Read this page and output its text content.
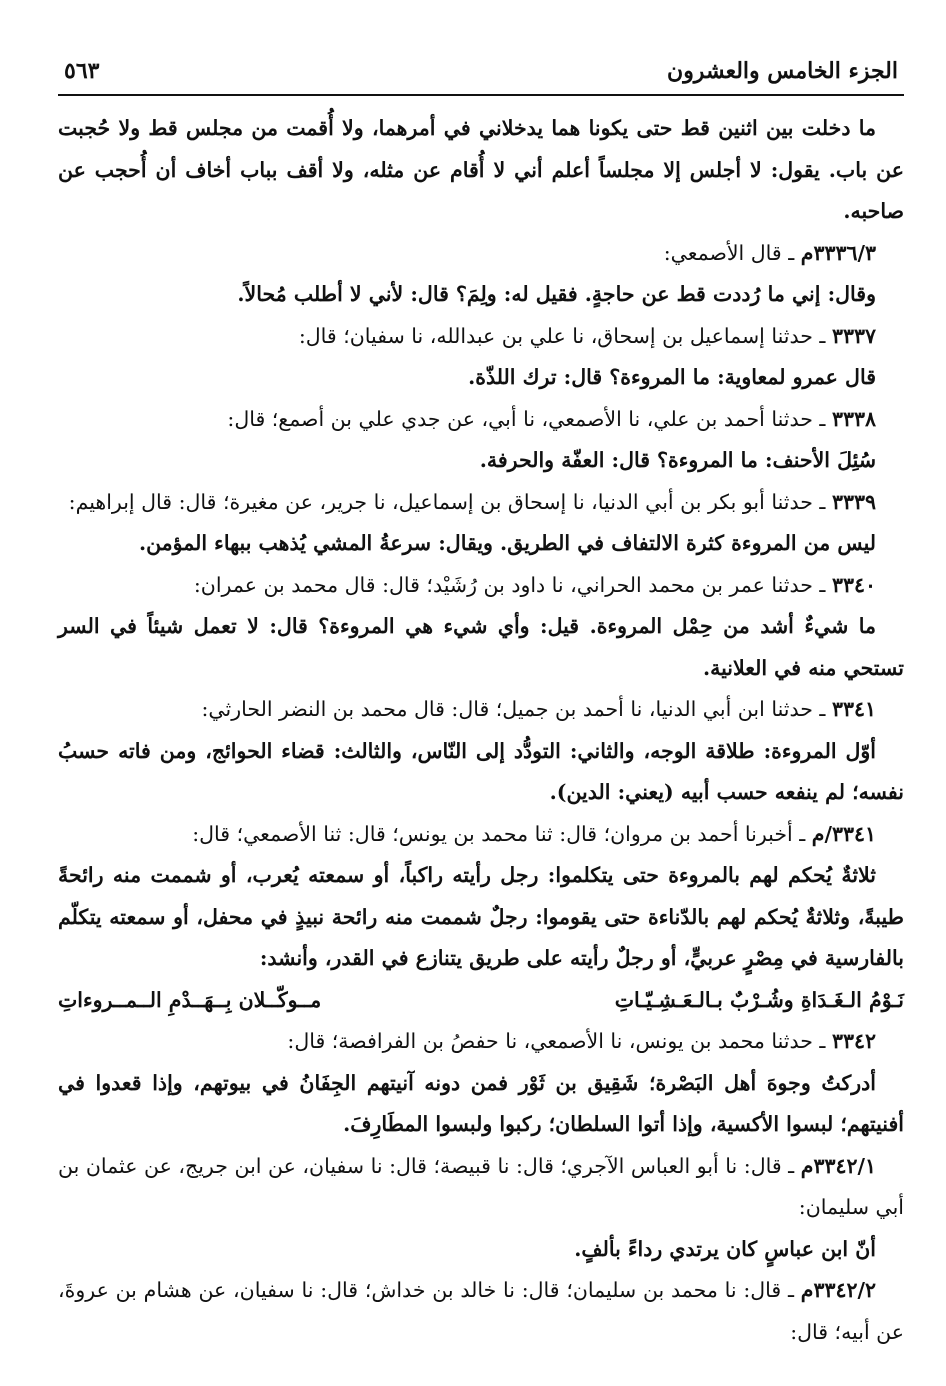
الجزء الخامس والعشرون
٥٦٣

ما دخلت بين اثنين قط حتى يكونا هما يدخلاني في أمرهما، ولا أُقمت من مجلس قط ولا حُجبت عن باب. يقول: لا أجلس إلا مجلساً أعلم أني لا أُقام عن مثله، ولا أقف بباب أخاف أن أُحجب عن صاحبه.

٣٣٣٦/٣م ـ قال الأصمعي:

وقال: إني ما رُددت قط عن حاجةٍ. فقيل له: ولِمَ؟ قال: لأني لا أطلب مُحالاً.

٣٣٣٧ ـ حدثنا إسماعيل بن إسحاق، نا علي بن عبدالله، نا سفيان؛ قال:

قال عمرو لمعاوية: ما المروءة؟ قال: ترك اللذّة.

٣٣٣٨ ـ حدثنا أحمد بن علي، نا الأصمعي، نا أبي، عن جدي علي بن أصمع؛ قال:

سُئِلَ الأحنف: ما المروءة؟ قال: العفّة والحرفة.

٣٣٣٩ ـ حدثنا أبو بكر بن أبي الدنيا، نا إسحاق بن إسماعيل، نا جرير، عن مغيرة؛ قال: قال إبراهيم:

ليس من المروءة كثرة الالتفاف في الطريق. ويقال: سرعةُ المشي يُذهب ببهاء المؤمن.

٣٣٤٠ ـ حدثنا عمر بن محمد الحراني، نا داود بن رُشَيْد؛ قال: قال محمد بن عمران:

ما شيءٌ أشد من حِمْل المروءة. قيل: وأي شيء هي المروءة؟ قال: لا تعمل شيئاً في السر تستحي منه في العلانية.

٣٣٤١ ـ حدثنا ابن أبي الدنيا، نا أحمد بن جميل؛ قال: قال محمد بن النضر الحارثي:

أوّل المروءة: طلاقة الوجه، والثاني: التودُّد إلى النّاس، والثالث: قضاء الحوائج، ومن فاته حسبُ نفسه؛ لم ينفعه حسب أبيه (يعني: الدين).

٣٣٤١/م ـ أخبرنا أحمد بن مروان؛ قال: ثنا محمد بن يونس؛ قال: ثنا الأصمعي؛ قال:

ثلاثةٌ يُحكم لهم بالمروءة حتى يتكلموا: رجل رأيته راكباً، أو سمعته يُعرب، أو شممت منه رائحةً طيبةً، وثلاثةٌ يُحكم لهم بالدّناءة حتى يقوموا: رجلٌ شممت منه رائحة نبيذٍ في محفل، أو سمعته يتكلّم بالفارسية في مِصْرٍ عربيٍّ، أو رجلٌ رأيته على طريق يتنازع في القدر، وأنشد:

نَـوْمُ الـغَـدَاةِ وشُـرْبٌ بـالـعَـشِـيّـاتِ
مــوكّــلان بِــهَــدْمِ الــمــروءاتِ

٣٣٤٢ ـ حدثنا محمد بن يونس، نا الأصمعي، نا حفصُ بن الفرافصة؛ قال:

أدركتُ وجوهَ أهل البَصْرة؛ شَقِيق بن ثَوْر فمن دونه آنيتهم الجِفَانُ في بيوتهم، وإذا قعدوا في أفنيتهم؛ لبسوا الأكسية، وإذا أتوا السلطان؛ ركبوا ولبسوا المطَارِفَ.

٣٣٤٢/١م ـ قال: نا أبو العباس الآجري؛ قال: نا قبيصة؛ قال: نا سفيان، عن ابن جريج، عن عثمان بن أبي سليمان:

أنّ ابن عباسٍ كان يرتدي رداءً بألفٍ.

٣٣٤٢/٢م ـ قال: نا محمد بن سليمان؛ قال: نا خالد بن خداش؛ قال: نا سفيان، عن هشام بن عروةَ، عن أبيه؛ قال:
